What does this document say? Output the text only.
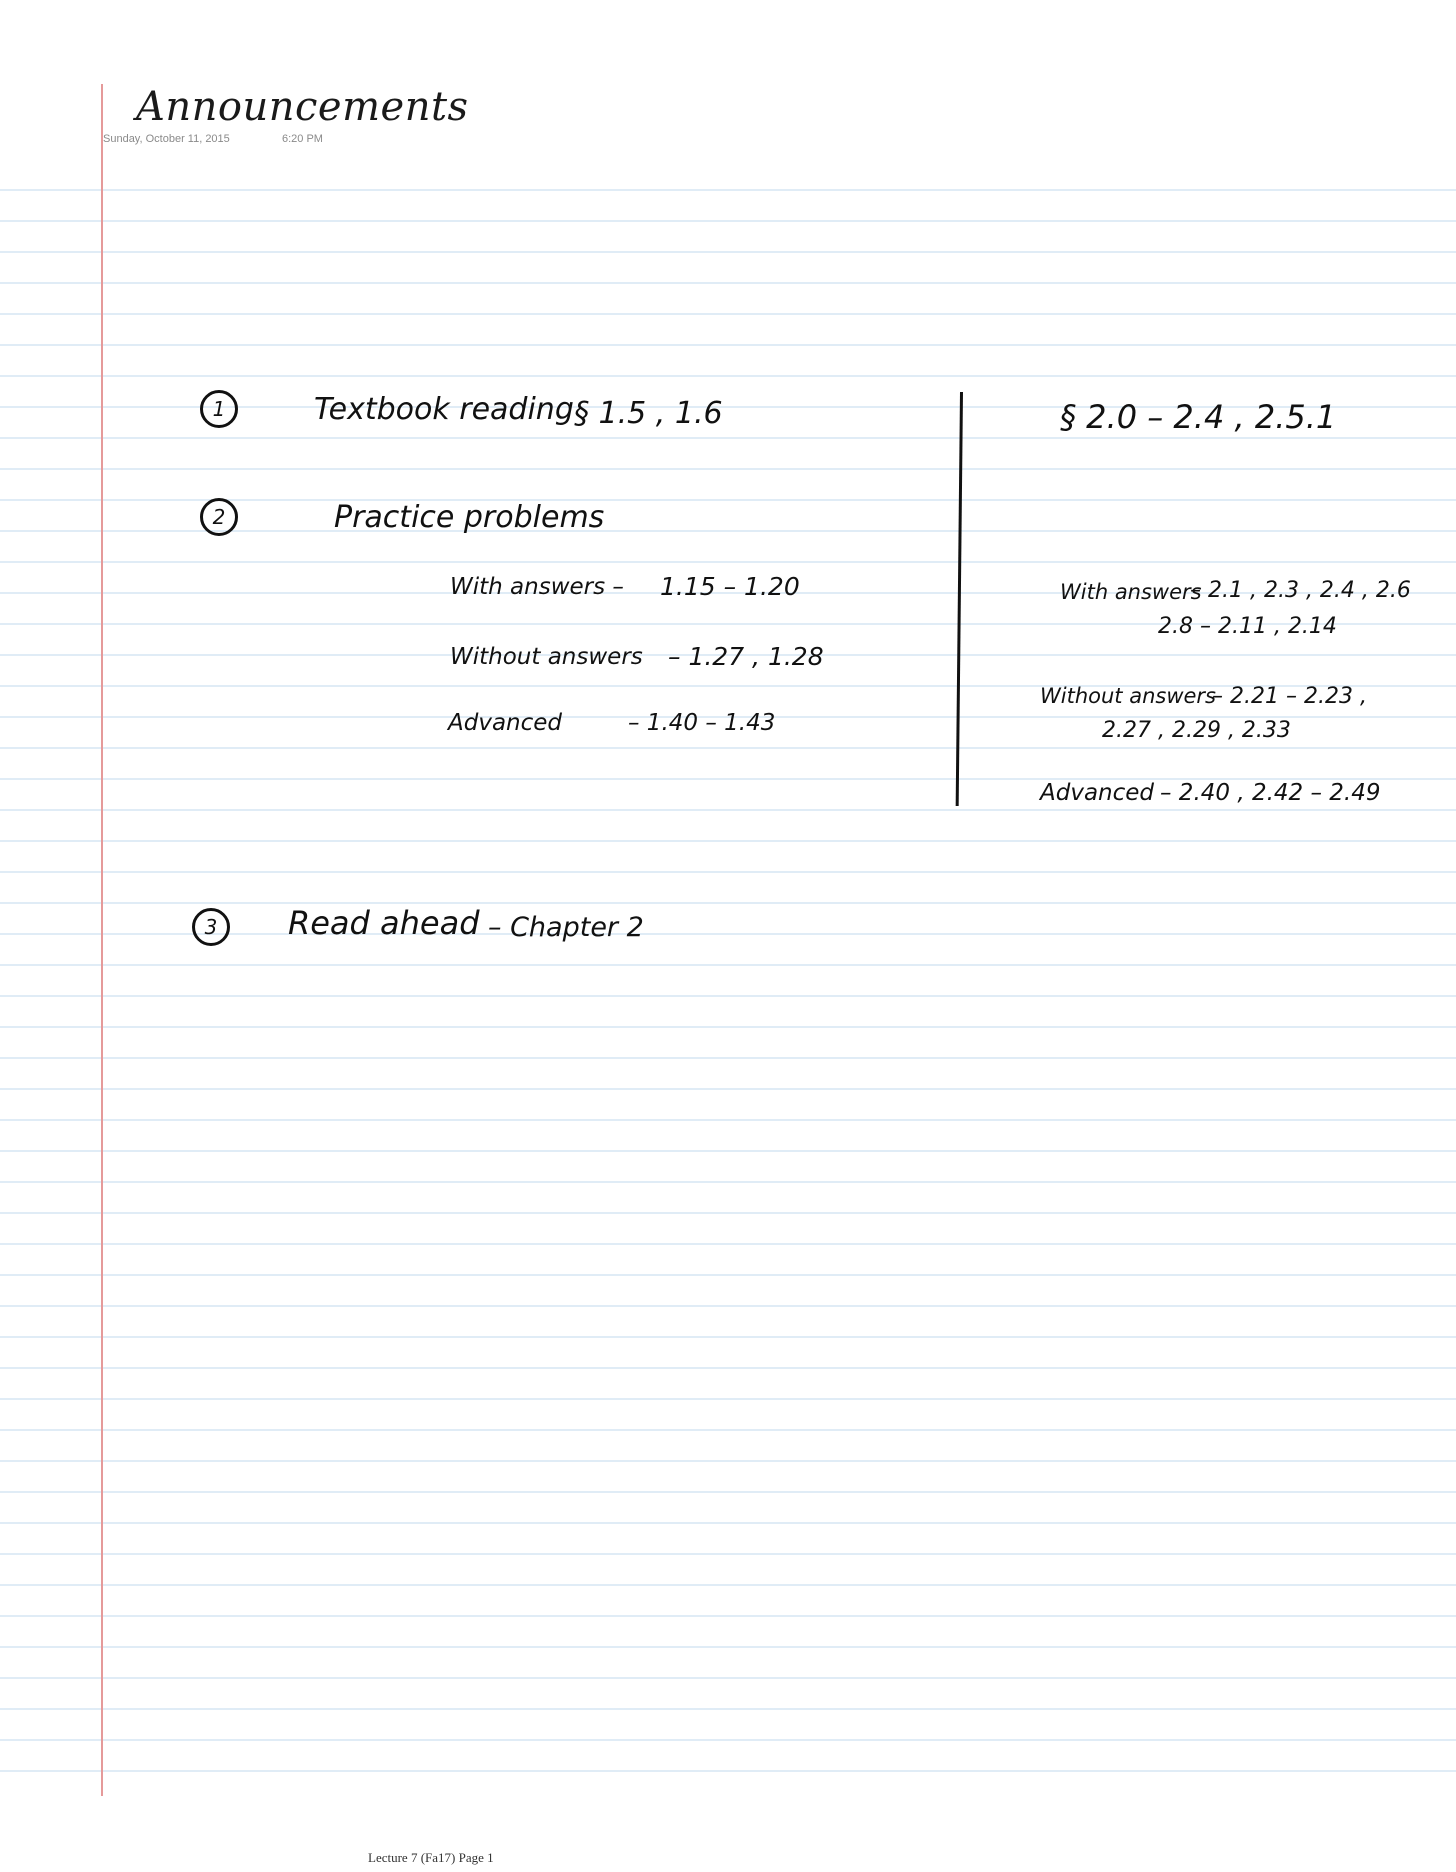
Announcements
Sunday, October 11, 2015	6:20 PM
1	Textbook reading § 1.5 , 1.6	§ 2.0 – 2.4 , 2.5.1
2	Practice problems
With answers – 1.15 – 1.20
Without answers – 1.27 , 1.28
Advanced	– 1.40 – 1.43
With answers
– 2.1 , 2.3 , 2.4 , 2.6
2.8 – 2.11 , 2.14
Without answers
– 2.21 – 2.23 ,
2.27 , 2.29 , 2.33
Advanced – 2.40 , 2.42 – 2.49
3	Read ahead – Chapter 2
Lecture 7 (Fa17) Page 1
